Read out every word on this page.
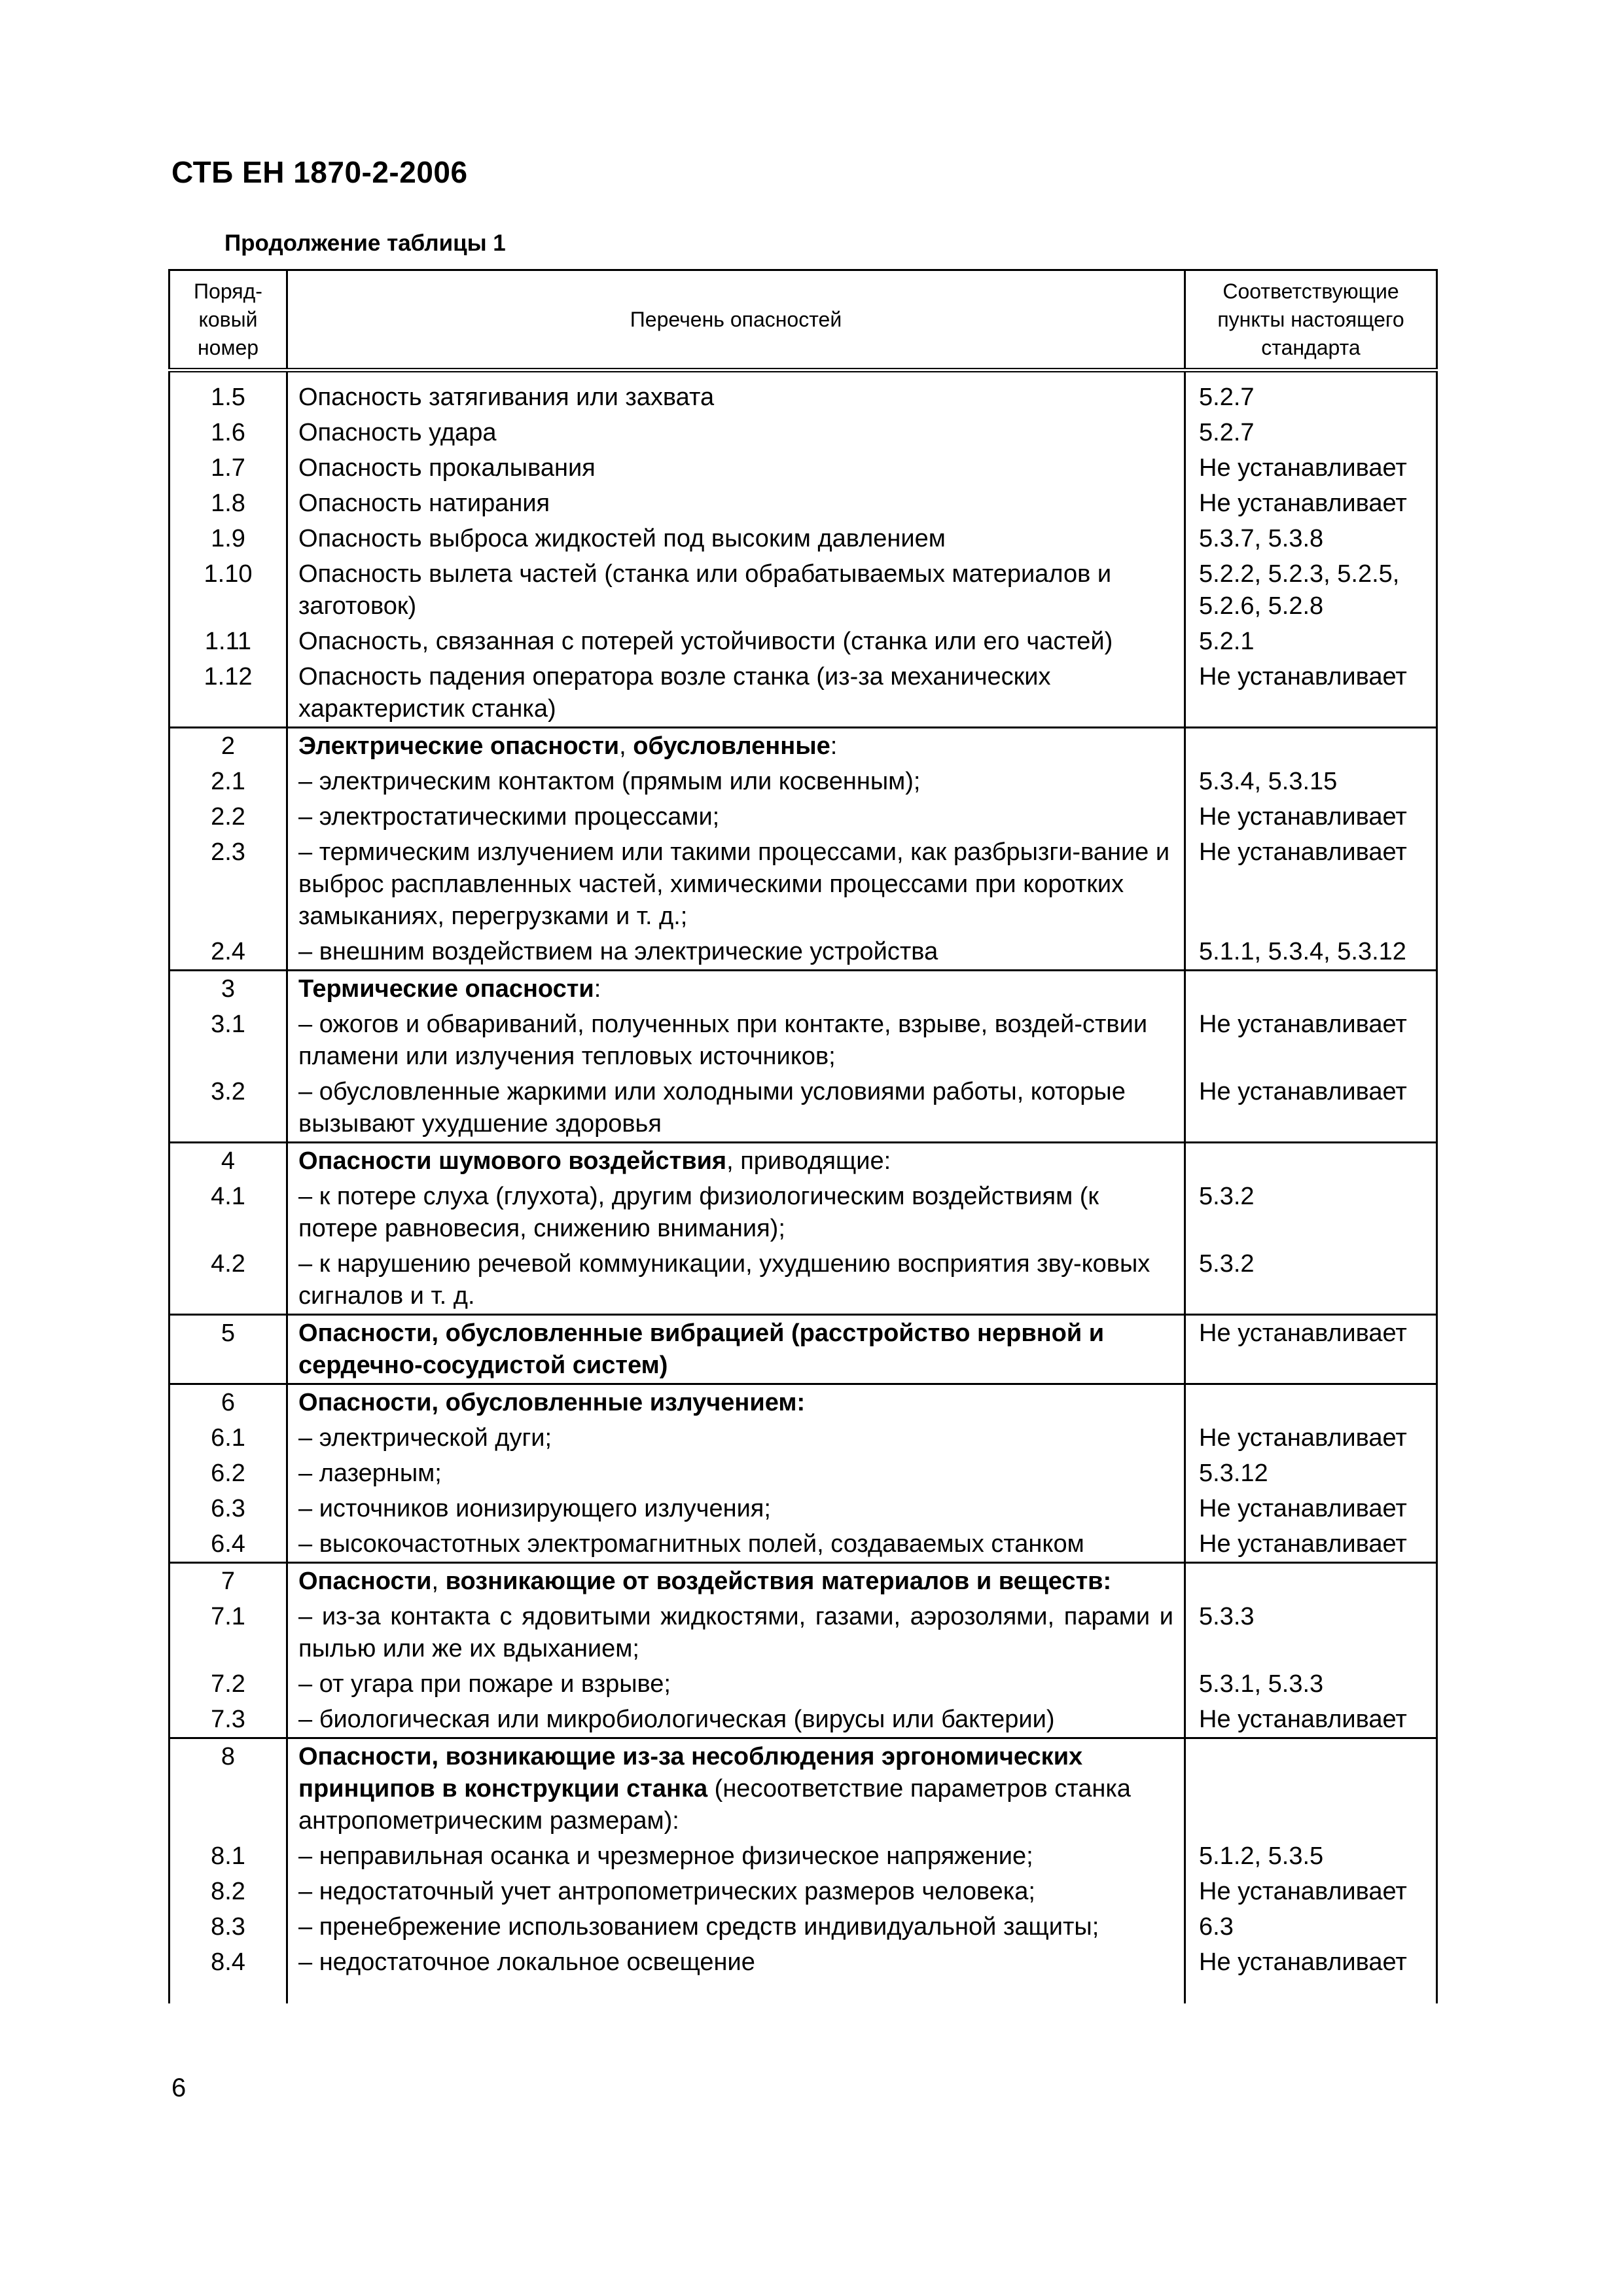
СТБ ЕН 1870-2-2006
Продолжение таблицы 1
Поряд-ковый номер	Перечень опасностей	Соответствующие пункты настоящего стандарта
1.5	Опасность затягивания или захвата	5.2.7
1.6	Опасность удара	5.2.7
1.7	Опасность прокалывания	Не устанавливает
1.8	Опасность натирания	Не устанавливает
1.9	Опасность выброса жидкостей под высоким давлением	5.3.7, 5.3.8
1.10	Опасность вылета частей (станка или обрабатываемых материалов и заготовок)	5.2.2, 5.2.3, 5.2.5, 5.2.6, 5.2.8
1.11	Опасность, связанная с потерей устойчивости (станка или его частей)	5.2.1
1.12	Опасность падения оператора возле станка (из-за механических характеристик станка)	Не устанавливает
2	Электрические опасности, обусловленные:	
2.1	– электрическим контактом (прямым или косвенным);	5.3.4, 5.3.15
2.2	– электростатическими процессами;	Не устанавливает
2.3	– термическим излучением или такими процессами, как разбрызги-вание и выброс расплавленных частей, химическими процессами при коротких замыканиях, перегрузками и т. д.;	Не устанавливает
2.4	– внешним воздействием на электрические устройства	5.1.1, 5.3.4, 5.3.12
3	Термические опасности:	
3.1	– ожогов и обвариваний, полученных при контакте, взрыве, воздей-ствии пламени или излучения тепловых источников;	Не устанавливает
3.2	– обусловленные жаркими или холодными условиями работы, которые вызывают ухудшение здоровья	Не устанавливает
4	Опасности шумового воздействия, приводящие:	
4.1	– к потере слуха (глухота), другим физиологическим воздействиям (к потере равновесия, снижению внимания);	5.3.2
4.2	– к нарушению речевой коммуникации, ухудшению восприятия зву-ковых сигналов и т. д.	5.3.2
5	Опасности, обусловленные вибрацией (расстройство нервной и сердечно-сосудистой систем)	Не устанавливает
6	Опасности, обусловленные излучением:	
6.1	– электрической дуги;	Не устанавливает
6.2	– лазерным;	5.3.12
6.3	– источников ионизирующего излучения;	Не устанавливает
6.4	– высокочастотных электромагнитных полей, создаваемых станком	Не устанавливает
7	Опасности, возникающие от воздействия материалов и веществ:	
7.1	– из-за контакта с ядовитыми жидкостями, газами, аэрозолями, парами и пылью или же их вдыханием;	5.3.3
7.2	– от угара при пожаре и взрыве;	5.3.1, 5.3.3
7.3	– биологическая или микробиологическая (вирусы или бактерии)	Не устанавливает
8	Опасности, возникающие из-за несоблюдения эргономических принципов в конструкции станка (несоответствие параметров станка антропометрическим размерам):	
8.1	– неправильная осанка и чрезмерное физическое напряжение;	5.1.2, 5.3.5
8.2	– недостаточный учет антропометрических размеров человека;	Не устанавливает
8.3	– пренебрежение использованием средств индивидуальной защиты;	6.3
8.4	– недостаточное локальное освещение	Не устанавливает

6
